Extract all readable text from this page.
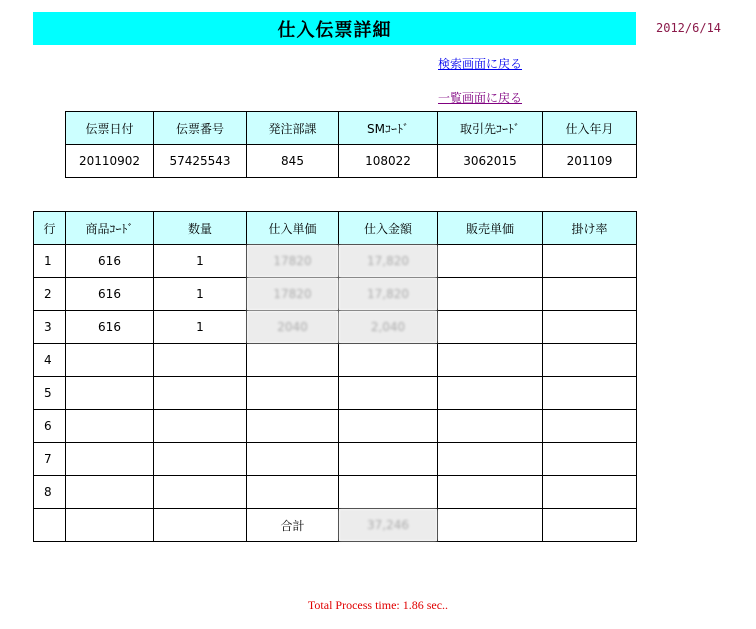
仕入伝票詳細	2012/6/14
検索画面に戻る
一覧画面に戻る
伝票日付	伝票番号	発注部課	SMｺｰﾄﾞ	取引先ｺｰﾄﾞ	仕入年月
20110902	57425543	845	108022	3062015	201109
行	商品ｺｰﾄﾞ	数量	仕入単価	仕入金額	販売単価	掛け率
1	616	1	17820	17,820		
2	616	1	17820	17,820		
3	616	1	2040	2,040		
4						
5						
6						
7						
8						
			合計	37,246		
Total Process time: 1.86 sec..
